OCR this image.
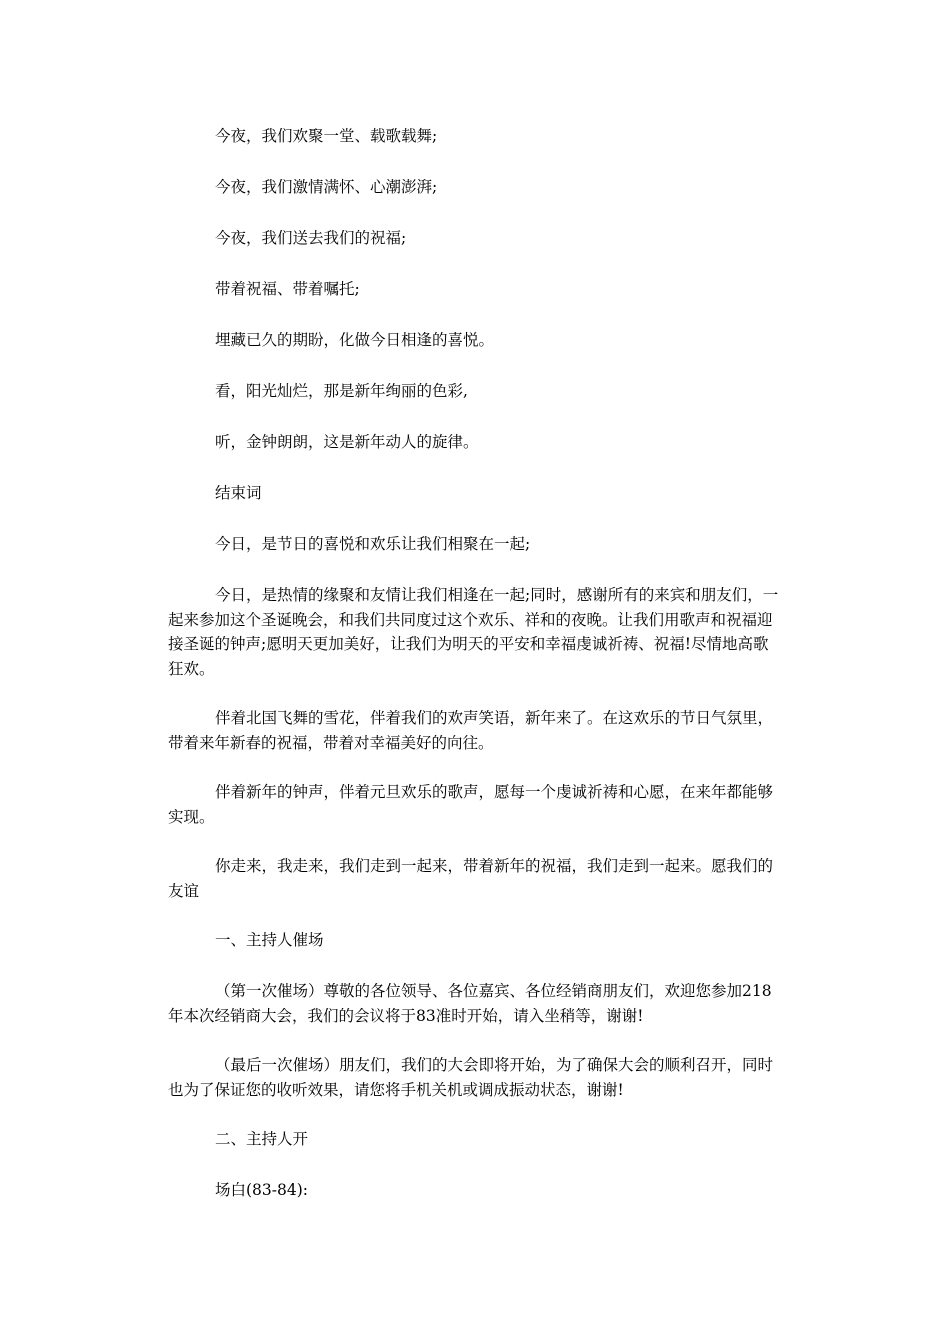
今夜，我们欢聚一堂、载歌载舞;

今夜，我们激情满怀、心潮澎湃;

今夜，我们送去我们的祝福;

带着祝福、带着嘱托;

埋藏已久的期盼，化做今日相逢的喜悦。

看，阳光灿烂，那是新年绚丽的色彩,

听，金钟朗朗，这是新年动人的旋律。

结束词

今日，是节日的喜悦和欢乐让我们相聚在一起;

今日，是热情的缘聚和友情让我们相逢在一起;同时，感谢所有的来宾和朋友们，一起来参加这个圣诞晚会，和我们共同度过这个欢乐、祥和的夜晚。让我们用歌声和祝福迎接圣诞的钟声;愿明天更加美好，让我们为明天的平安和幸福虔诚祈祷、祝福!尽情地高歌狂欢。

伴着北国飞舞的雪花，伴着我们的欢声笑语，新年来了。在这欢乐的节日气氛里，带着来年新春的祝福，带着对幸福美好的向往。

伴着新年的钟声，伴着元旦欢乐的歌声，愿每一个虔诚祈祷和心愿，在来年都能够实现。

你走来，我走来，我们走到一起来，带着新年的祝福，我们走到一起来。愿我们的友谊

一、主持人催场

（第一次催场）尊敬的各位领导、各位嘉宾、各位经销商朋友们，欢迎您参加218年本次经销商大会，我们的会议将于83准时开始，请入坐稍等，谢谢!

（最后一次催场）朋友们，我们的大会即将开始，为了确保大会的顺利召开，同时也为了保证您的收听效果，请您将手机关机或调成振动状态，谢谢!

二、主持人开

场白(83-84):
